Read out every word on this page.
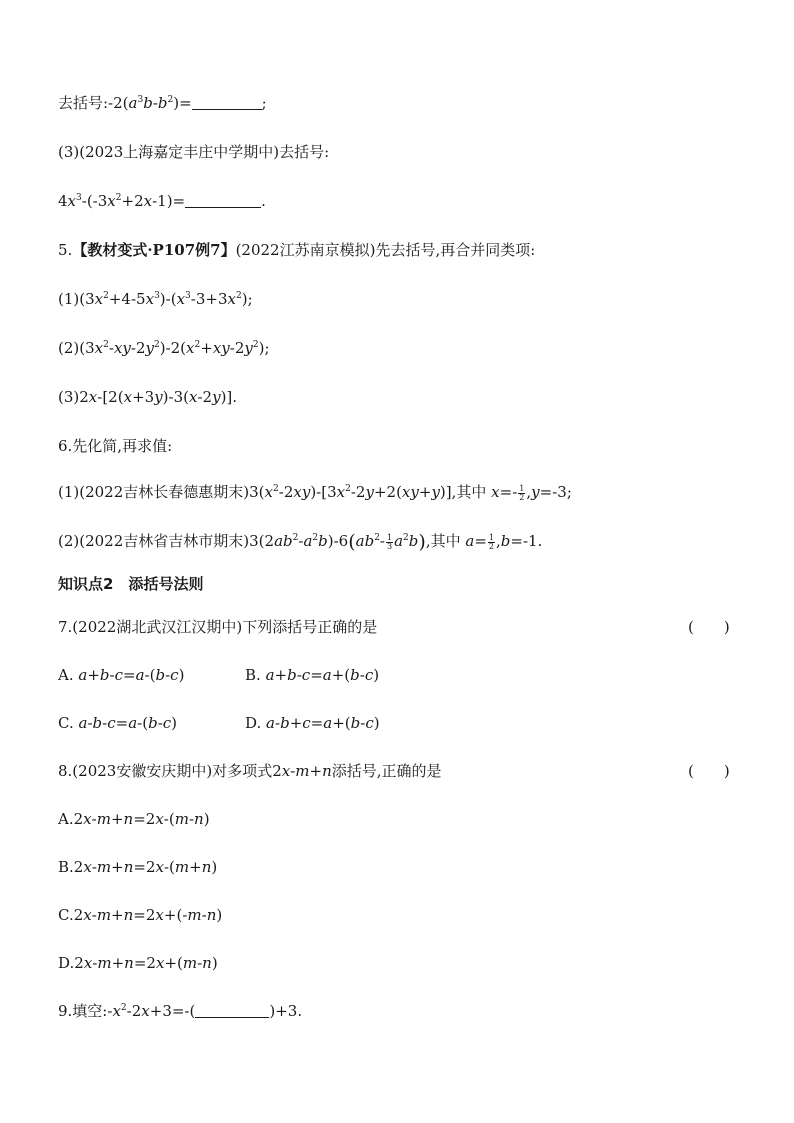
去括号$:-2(a^3b-b^2)=$	;
(3)(2023上海嘉定丰庄中学期中)去括号:
$4x^3-(-3x^2+2x-1)=$	.
5.【教材变式·P107例7】(2022江苏南京模拟)先去括号,再合并同类项:
$(1)(3x^2+4-5x^3)-(x^3-3+3x^2)$;
$(2)(3x^2-xy-2y^2)-2(x^2+xy-2y^2)$;
(3)2x-[2(x+3y)-3(x-2y)].
6.先化简,再求值:
(1)(2022吉林长春德惠期末)$3(x^2-2xy)-[3x^2-2y+2(xy+y)]$,其中 $x=- \frac{1}{2} ,y=-3$;
(2)(2022吉林省吉林市期末)$3(2ab^2-a^2b)-6(ab^2- \frac{1}{3} a^2b)$,其中 $a= \frac{1}{2} ,b=-1$.
知识点2　添括号法则
7.(2022湖北武汉江汉期中)下列添括号正确的是	(　　)
A. a+b-c=a-(b-c)	B. a+b-c=a+(b-c)
C. a-b-c=a-(b-c)	D. a-b+c=a+(b-c)
8.(2023安徽安庆期中)对多项式2x-m+n添括号,正确的是	(　　)
A.2x-m+n=2x-(m-n)
B.2x-m+n=2x-(m+n)
C.2x-m+n=2x+(-m-n)
D.2x-m+n=2x+(m-n)
9.填空$:-x^2-2x+3=-$(	)+3.
